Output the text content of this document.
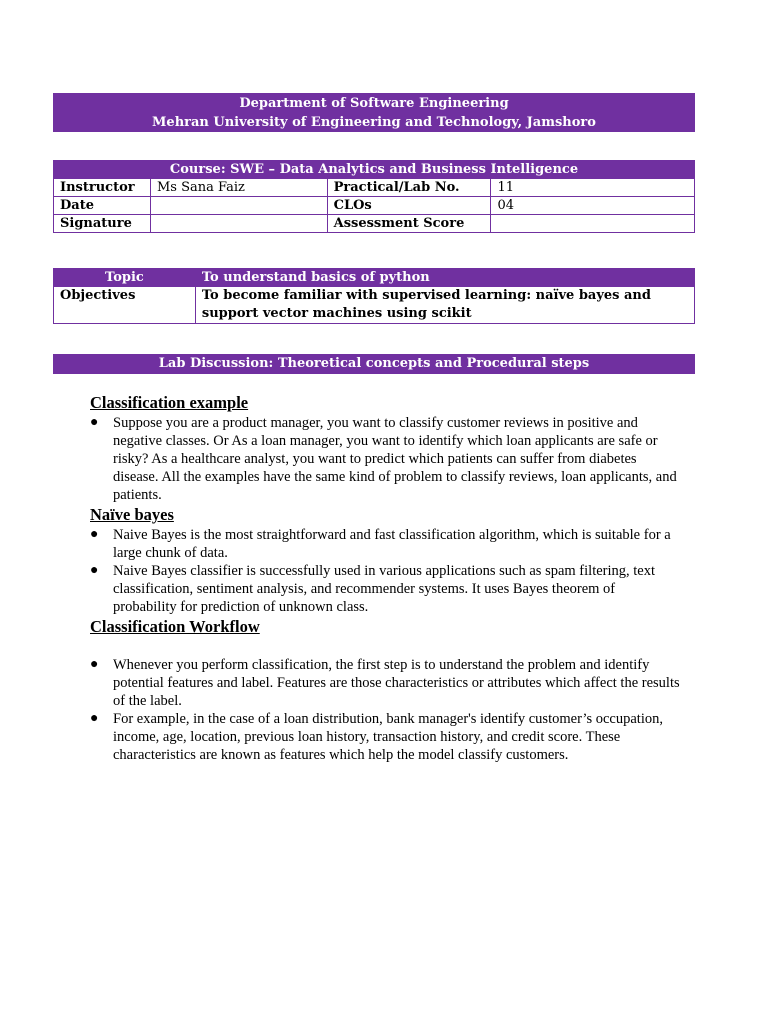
Department of Software Engineering
Mehran University of Engineering and Technology, Jamshoro
Course: SWE – Data Analytics and Business Intelligence			
Instructor	Ms Sana Faiz	Practical/Lab No.	11
Date		CLOs	04
Signature		Assessment Score	
Topic	To understand basics of python
Objectives	To become familiar with supervised learning: naïve bayes and support vector machines using scikit
Lab Discussion: Theoretical concepts and Procedural steps
Classification example
● Suppose you are a product manager, you want to classify customer reviews in positive and negative classes. Or As a loan manager, you want to identify which loan applicants are safe or risky? As a healthcare analyst, you want to predict which patients can suffer from diabetes disease. All the examples have the same kind of problem to classify reviews, loan applicants, and patients.
Naïve bayes
● Naive Bayes is the most straightforward and fast classification algorithm, which is suitable for a large chunk of data.
● Naive Bayes classifier is successfully used in various applications such as spam filtering, text classification, sentiment analysis, and recommender systems. It uses Bayes theorem of probability for prediction of unknown class.
Classification Workflow
● Whenever you perform classification, the first step is to understand the problem and identify potential features and label. Features are those characteristics or attributes which affect the results of the label.
● For example, in the case of a loan distribution, bank manager's identify customer’s occupation, income, age, location, previous loan history, transaction history, and credit score. These characteristics are known as features which help the model classify customers.
